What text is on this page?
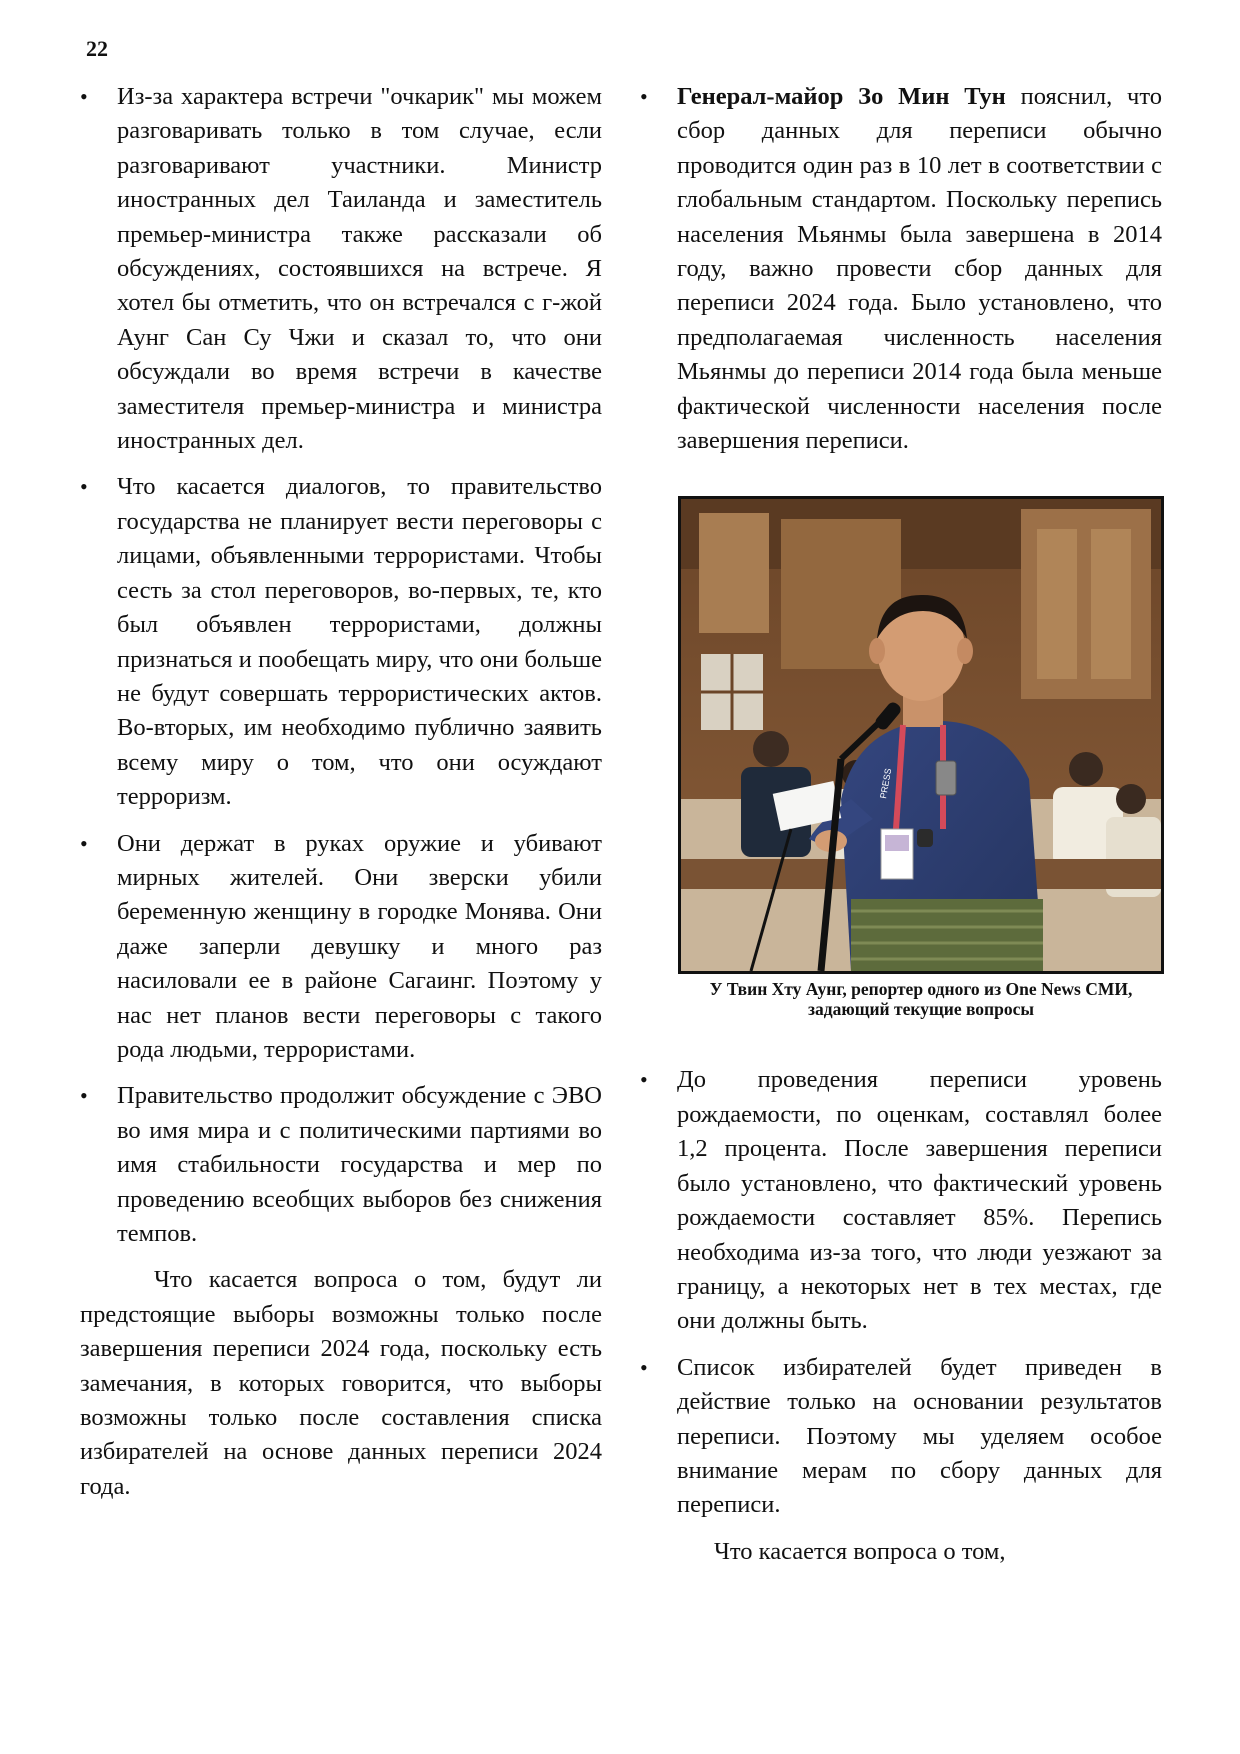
22
• Из-за характера встречи "очкарик" мы можем разговаривать только в том случае, если разговаривают участники. Министр иностранных дел Таиланда и заместитель премьер-министра также рассказали об обсуждениях, состоявшихся на встрече. Я хотел бы отметить, что он встречался с г-жой Аунг Сан Су Чжи и сказал то, что они обсуждали во время встречи в качестве заместителя премьер-министра и министра иностранных дел.
• Что касается диалогов, то правительство государства не планирует вести переговоры с лицами, объявленными террористами. Чтобы сесть за стол переговоров, во-первых, те, кто был объявлен террористами, должны признаться и пообещать миру, что они больше не будут совершать террористических актов. Во-вторых, им необходимо публично заявить всему миру о том, что они осуждают терроризм.
• Они держат в руках оружие и убивают мирных жителей. Они зверски убили беременную женщину в городке Монява. Они даже заперли девушку и много раз насиловали ее в районе Сагаинг. Поэтому у нас нет планов вести переговоры с такого рода людьми, террористами.
• Правительство продолжит обсуждение с ЭВО во имя мира и с политическими партиями во имя стабильности государства и мер по проведению всеобщих выборов без снижения темпов.

Что касается вопроса о том, будут ли предстоящие выборы возможны только после завершения переписи 2024 года, поскольку есть замечания, в которых говорится, что выборы возможны только после составления списка избирателей на основе данных переписи 2024 года.

• Генерал-майор Зо Мин Тун пояснил, что сбор данных для переписи обычно проводится один раз в 10 лет в соответствии с глобальным стандартом. Поскольку перепись населения Мьянмы была завершена в 2014 году, важно провести сбор данных для переписи 2024 года. Было установлено, что предполагаемая численность населения Мьянмы до переписи 2014 года была меньше фактической численности населения после завершения переписи.
PRESS
У Твин Хту Аунг, репортер одного из One News СМИ, задающий текущие вопросы
• До проведения переписи уровень рождаемости, по оценкам, составлял более 1,2 процента. После завершения переписи было установлено, что фактический уровень рождаемости составляет 85%. Перепись необходима из-за того, что люди уезжают за границу, а некоторых нет в тех местах, где они должны быть.
• Список избирателей будет приведен в действие только на основании результатов переписи. Поэтому мы уделяем особое внимание мерам по сбору данных для переписи.

Что касается вопроса о том,
